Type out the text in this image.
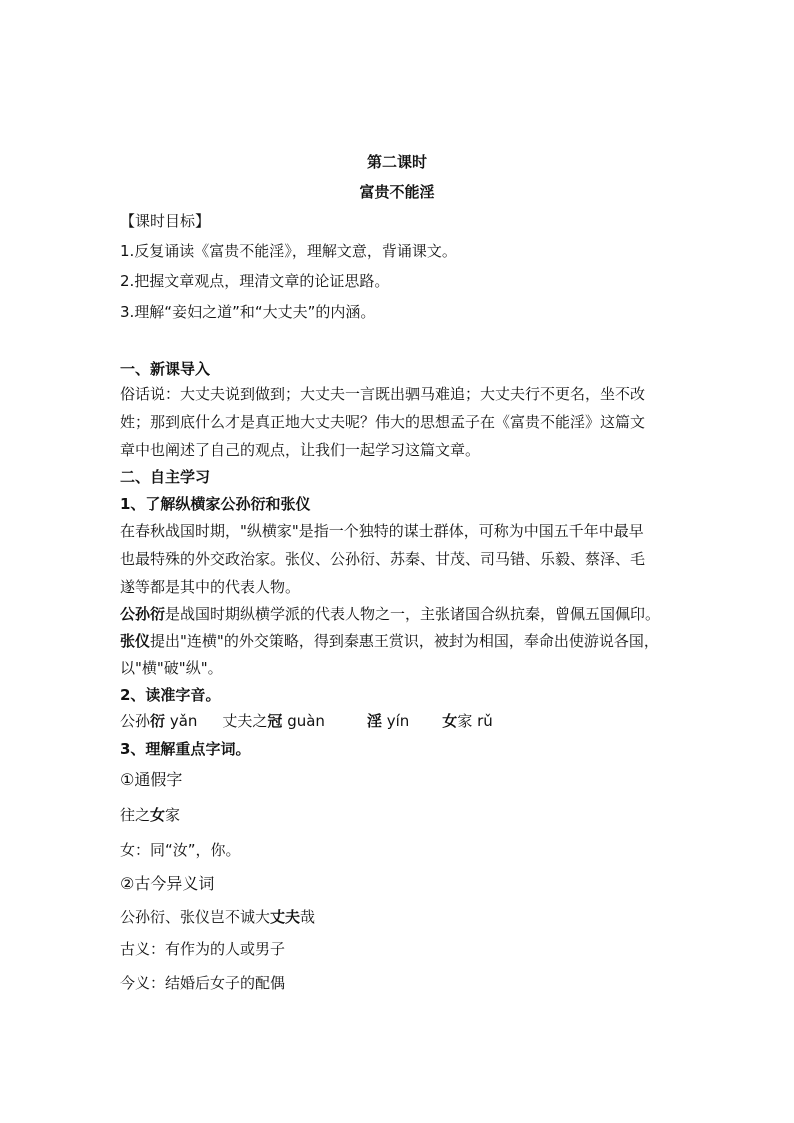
第二课时
富贵不能淫
【课时目标】
1.反复诵读《富贵不能淫》，理解文意，背诵课文。
2.把握文章观点，理清文章的论证思路。
3.理解“妾妇之道”和“大丈夫”的内涵。
一、新课导入
俗话说：大丈夫说到做到；大丈夫一言既出驷马难追；大丈夫行不更名，坐不改
姓；那到底什么才是真正地大丈夫呢？伟大的思想孟子在《富贵不能淫》这篇文
章中也阐述了自己的观点，让我们一起学习这篇文章。
二、自主学习
1、了解纵横家公孙衍和张仪
在春秋战国时期，"纵横家"是指一个独特的谋士群体，可称为中国五千年中最早
也最特殊的外交政治家。张仪、公孙衍、苏秦、甘茂、司马错、乐毅、蔡泽、毛
遂等都是其中的代表人物。
公孙衍是战国时期纵横学派的代表人物之一，主张诸国合纵抗秦，曾佩五国佩印。
张仪提出"连横"的外交策略，得到秦惠王赏识，被封为相国，奉命出使游说各国，
以"横"破"纵"。
2、读准字音。
公孙衍 yǎn 丈夫之冠 guàn	淫 yín 女家 rǔ
3、理解重点字词。
①通假字
往之女家
女：同“汝”，你。
②古今异义词
公孙衍、张仪岂不诚大丈夫哉
古义：有作为的人或男子
今义：结婚后女子的配偶
